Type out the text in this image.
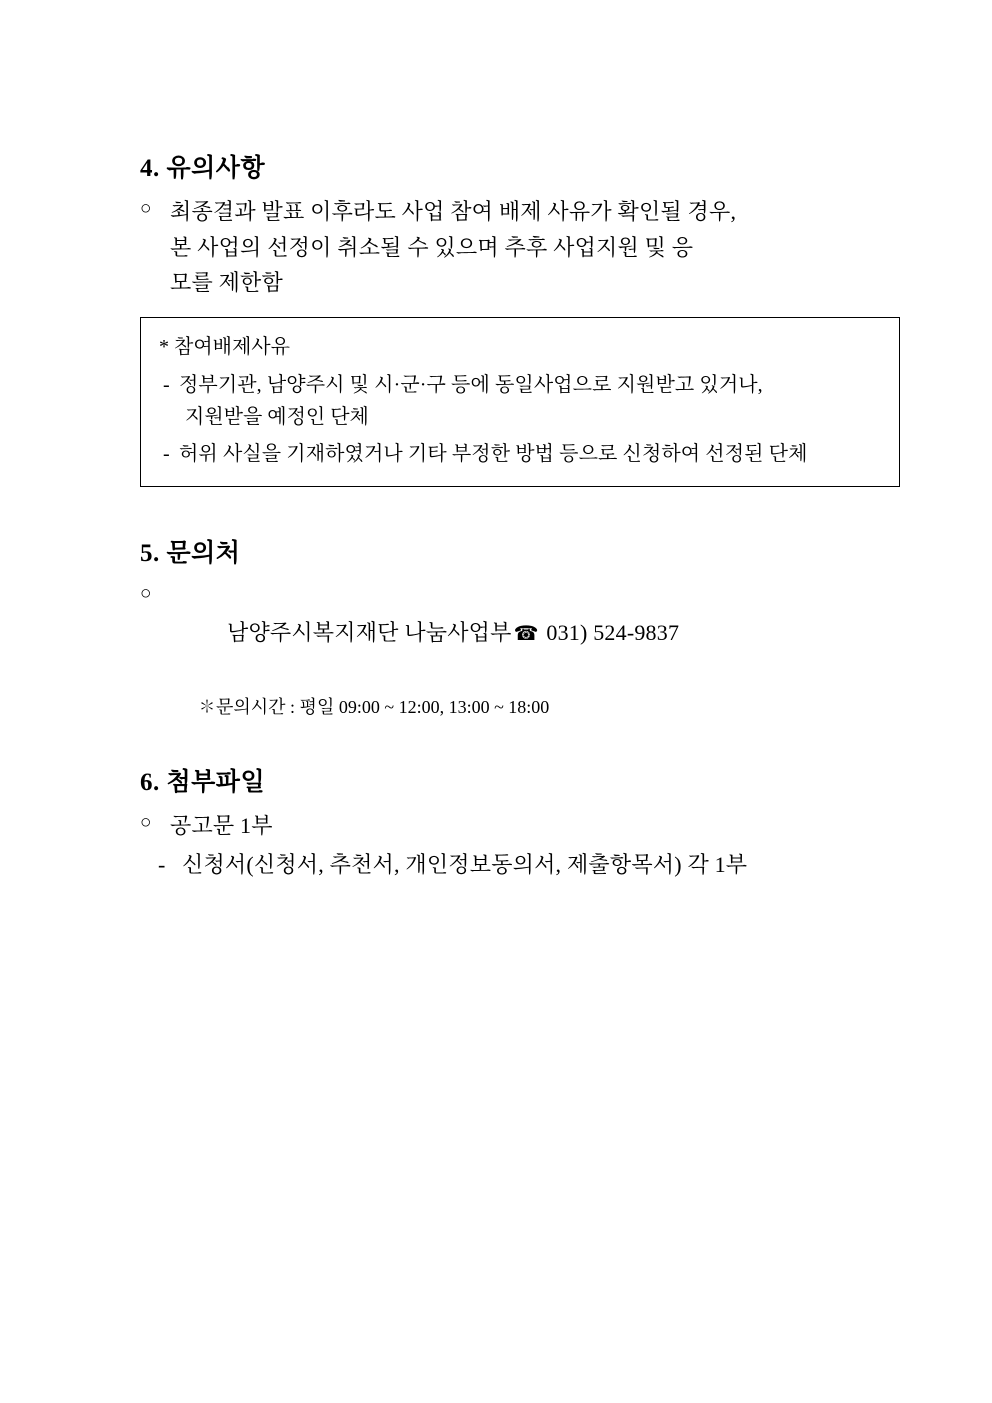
4. 유의사항
○ 최종결과 발표 이후라도 사업 참여 배제 사유가 확인될 경우,
본 사업의 선정이 취소될 수 있으며 추후 사업지원 및 응
모를 제한함
* 참여배제사유
- 정부기관, 남양주시 및 시·군·구 등에 동일사업으로 지원받고 있거나,
지원받을 예정인 단체
- 허위 사실을 기재하였거나 기타 부정한 방법 등으로 신청하여 선정된 단체
5. 문의처
○

남양주시복지재단 나눔사업부 ☎ 031) 524-9837

✽문의시간 : 평일 09:00 ~ 12:00, 13:00 ~ 18:00
6. 첨부파일
○ 공고문 1부
- 신청서(신청서, 추천서, 개인정보동의서, 제출항목서) 각 1부
